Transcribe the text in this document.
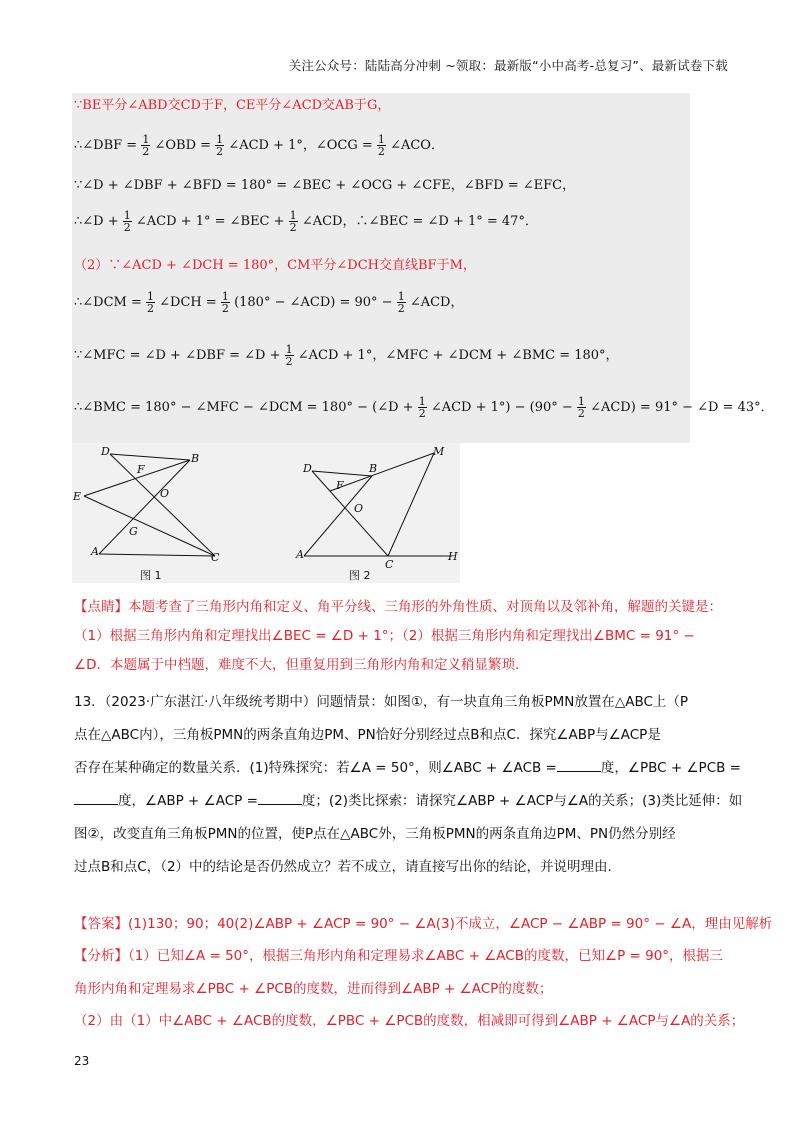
关注公众号：陆陆高分冲刺 ~领取：最新版“小中高考-总复习”、最新试卷下载
∵BE平分∠ABD交CD于F，CE平分∠ACD交AB于G，
∴∠DBF = $\frac{1}{2}$ ∠OBD = $\frac{1}{2}$ ∠ACD + 1°，∠OCG = $\frac{1}{2}$ ∠ACO．
∵∠D + ∠DBF + ∠BFD = 180° = ∠BEC + ∠OCG + ∠CFE，∠BFD = ∠EFC，
∴∠D + $\frac{1}{2}$ ∠ACD + 1° = ∠BEC + $\frac{1}{2}$ ∠ACD，∴∠BEC = ∠D + 1° = 47°．
（2）∵∠ACD + ∠DCH = 180°，CM平分∠DCH交直线BF于M，
∴∠DCM = $\frac{1}{2}$ ∠DCH = $\frac{1}{2} (180^\circ$ − ∠ACD) = $90^\circ - \frac{1}{2}$ ∠ACD，
∵∠MFC = ∠D + ∠DBF = ∠D + $\frac{1}{2}$ ∠ACD + 1°，∠MFC + ∠DCM + ∠BMC = 180°，
∴∠BMC = 180° − ∠MFC − ∠DCM = 180° − (∠D + $\frac{1}{2}$ ∠ACD + $1^\circ) - (90^\circ - \frac{1}{2}$ ∠ACD) = 91° − ∠D = 43°．
D
B
F
E	O
G
A	C
D	B
M
F
O
A
C
H
图 1	图 2
【点睛】本题考查了三角形内角和定义、角平分线、三角形的外角性质、对顶角以及邻补角，解题的关键是：（1）根据三角形内角和定理找出∠BEC = ∠D + 1°；（2）根据三角形内角和定理找出∠BMC = 91° − ∠D．本题属于中档题，难度不大，但重复用到三角形内角和定义稍显繁琐．
13．（2023·广东湛江·八年级统考期中）问题情景：如图①，有一块直角三角板PMN放置在△ABC上（P
点在△ABC内），三角板PMN的两条直角边PM、PN恰好分别经过点B和点C．探究∠ABP与∠ACP是
否存在某种确定的数量关系．(1)特殊探究：若∠A = 50°，则∠ABC + ∠ACB =	度，∠PBC + ∠PCB =
度，∠ABP + ∠ACP =	度；(2)类比探索：请探究∠ABP + ∠ACP与∠A的关系；(3)类比延伸：如
图②，改变直角三角板PMN的位置，使P点在△ABC外，三角板PMN的两条直角边PM、PN仍然分别经
过点B和点C，（2）中的结论是否仍然成立？若不成立，请直接写出你的结论，并说明理由.
【答案】(1)130；90；40(2)∠ABP + ∠ACP = 90° − ∠A(3)不成立，∠ACP − ∠ABP = 90° − ∠A，理由见解析
【分析】（1）已知∠A = 50°，根据三角形内角和定理易求∠ABC + ∠ACB的度数，已知∠P = 90°，根据三
角形内角和定理易求∠PBC + ∠PCB的度数，进而得到∠ABP + ∠ACP的度数；
（2）由（1）中∠ABC + ∠ACB的度数，∠PBC + ∠PCB的度数，相减即可得到∠ABP + ∠ACP与∠A的关系；
23
